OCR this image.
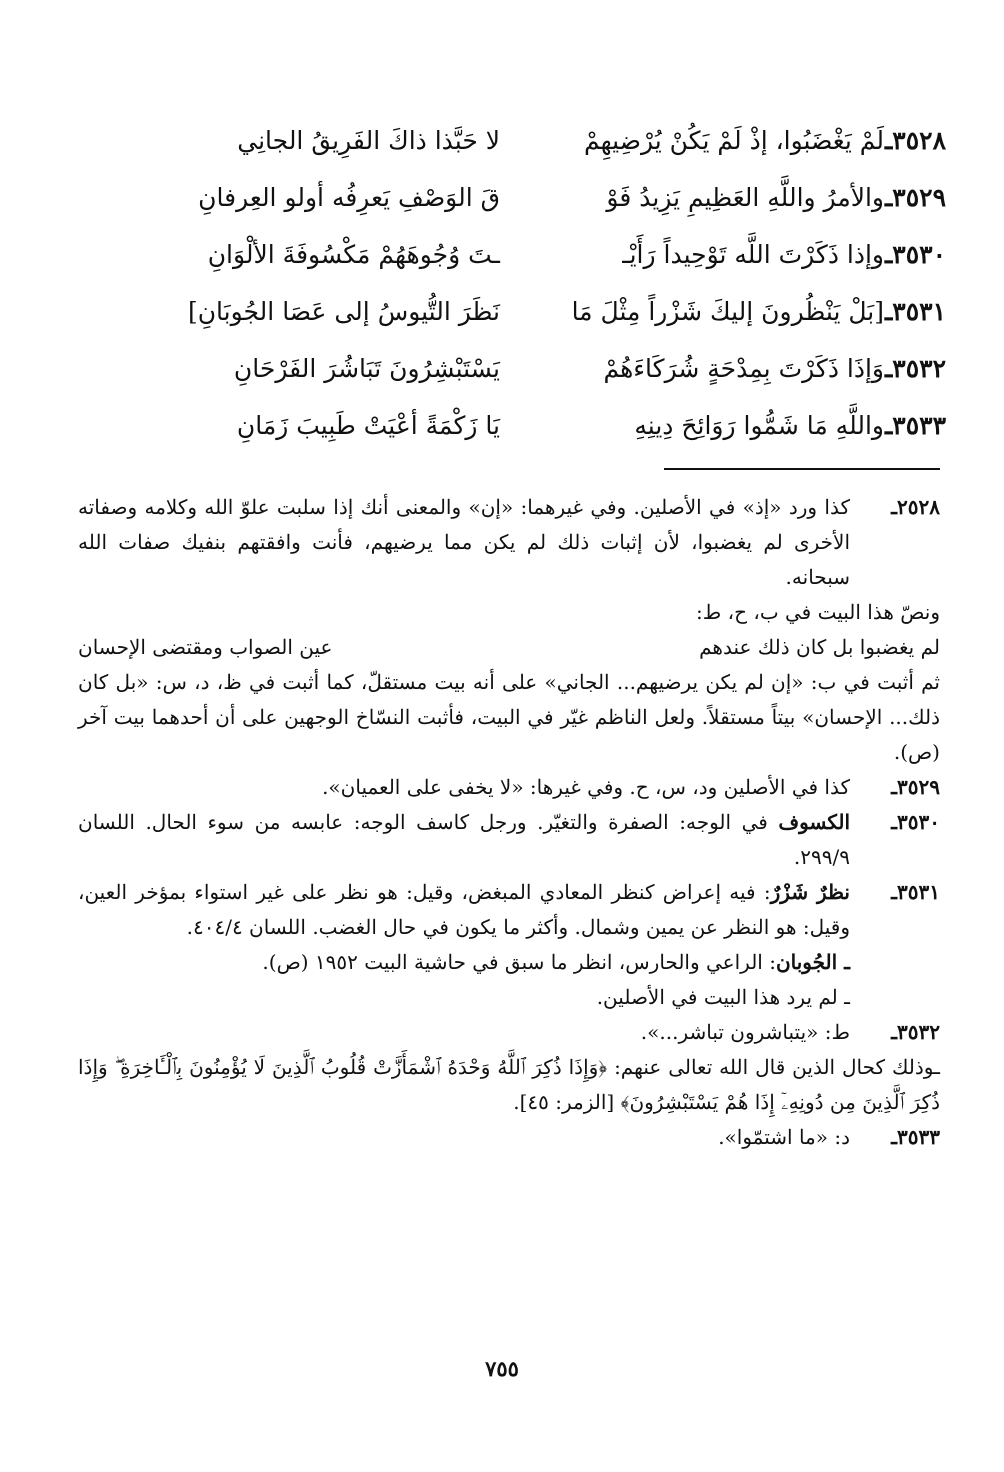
٣٥٢٨ـ
لَمْ يَغْضَبُوا، إذْ لَمْ يَكُنْ يُرْضِيهِمْ
لا حَبَّذا ذاكَ الفَرِيقُ الجانِي
٣٥٢٩ـ
والأمرُ واللَّهِ العَظِيمِ يَزِيدُ فَوْ
قَ الوَصْفِ يَعرِفُه أولو العِرفانِ
٣٥٣٠ـ
وإذا ذَكَرْتَ اللَّه تَوْحِيداً رَأَيْـ
ـتَ وُجُوهَهُمْ مَكْسُوفَةَ الألْوَانِ
٣٥٣١ـ
[بَلْ يَنْظُرونَ إليكَ شَزْراً مِثْلَ مَا
نَظَرَ التُّيوسُ إلى عَصَا الجُوبَانِ]
٣٥٣٢ـ
وَإذَا ذَكَرْتَ بِمِدْحَةٍ شُرَكَاءَهُمْ
يَسْتَبْشِرُونَ تَبَاشُرَ الفَرْحَانِ
٣٥٣٣ـ
واللَّهِ مَا شَمُّوا رَوَائِحَ دِينِهِ
يَا زَكْمَةً أعْيَتْ طَبِيبَ زَمَانِ
٢٥٢٨ـ

كذا ورد «إذ» في الأصلين. وفي غيرهما: «إن» والمعنى أنك إذا سلبت علوّ الله وكلامه وصفاته الأخرى لم يغضبوا، لأن إثبات ذلك لم يكن مما يرضيهم، فأنت وافقتهم بنفيك صفات الله سبحانه.

ونصّ هذا البيت في ب، ح، ط:

لم يغضبوا بل كان ذلك عندهم
عين الصواب ومقتضى الإحسان

ثم أثبت في ب: «إن لم يكن يرضيهم... الجاني» على أنه بيت مستقلّ، كما أثبت في ظ، د، س: «بل كان ذلك... الإحسان» بيتاً مستقلاً. ولعل الناظم غيّر في البيت، فأثبت النسّاخ الوجهين على أن أحدهما بيت آخر (ص).

٣٥٢٩ـ

كذا في الأصلين ود، س، ح. وفي غيرها: «لا يخفى على العميان».

٣٥٣٠ـ

الكسوف في الوجه: الصفرة والتغيّر. ورجل كاسف الوجه: عابسه من سوء الحال. اللسان ٢٩٩/٩.

٣٥٣١ـ

نظرٌ شَزْرٌ: فيه إعراض كنظر المعادي المبغض، وقيل: هو نظر على غير استواء بمؤخر العين، وقيل: هو النظر عن يمين وشمال. وأكثر ما يكون في حال الغضب. اللسان ٤٠٤/٤.

ـ الجُوبان: الراعي والحارس، انظر ما سبق في حاشية البيت ١٩٥٢ (ص).

ـ لم يرد هذا البيت في الأصلين.

٣٥٣٢ـ

ط: «يتباشرون تباشر...».

ـوذلك كحال الذين قال الله تعالى عنهم: ﴿وَإِذَا ذُكِرَ ٱللَّهُ وَحْدَهُ ٱشْمَأَزَّتْ قُلُوبُ ٱلَّذِينَ لَا يُؤْمِنُونَ بِٱلْـَٔاخِرَةِ ۖ وَإِذَا ذُكِرَ ٱلَّذِينَ مِن دُونِهِۦٓ إِذَا هُمْ يَسْتَبْشِرُونَ﴾ [الزمر: ٤٥].

٣٥٣٣ـ

د: «ما اشتمّوا».

٧٥٥
